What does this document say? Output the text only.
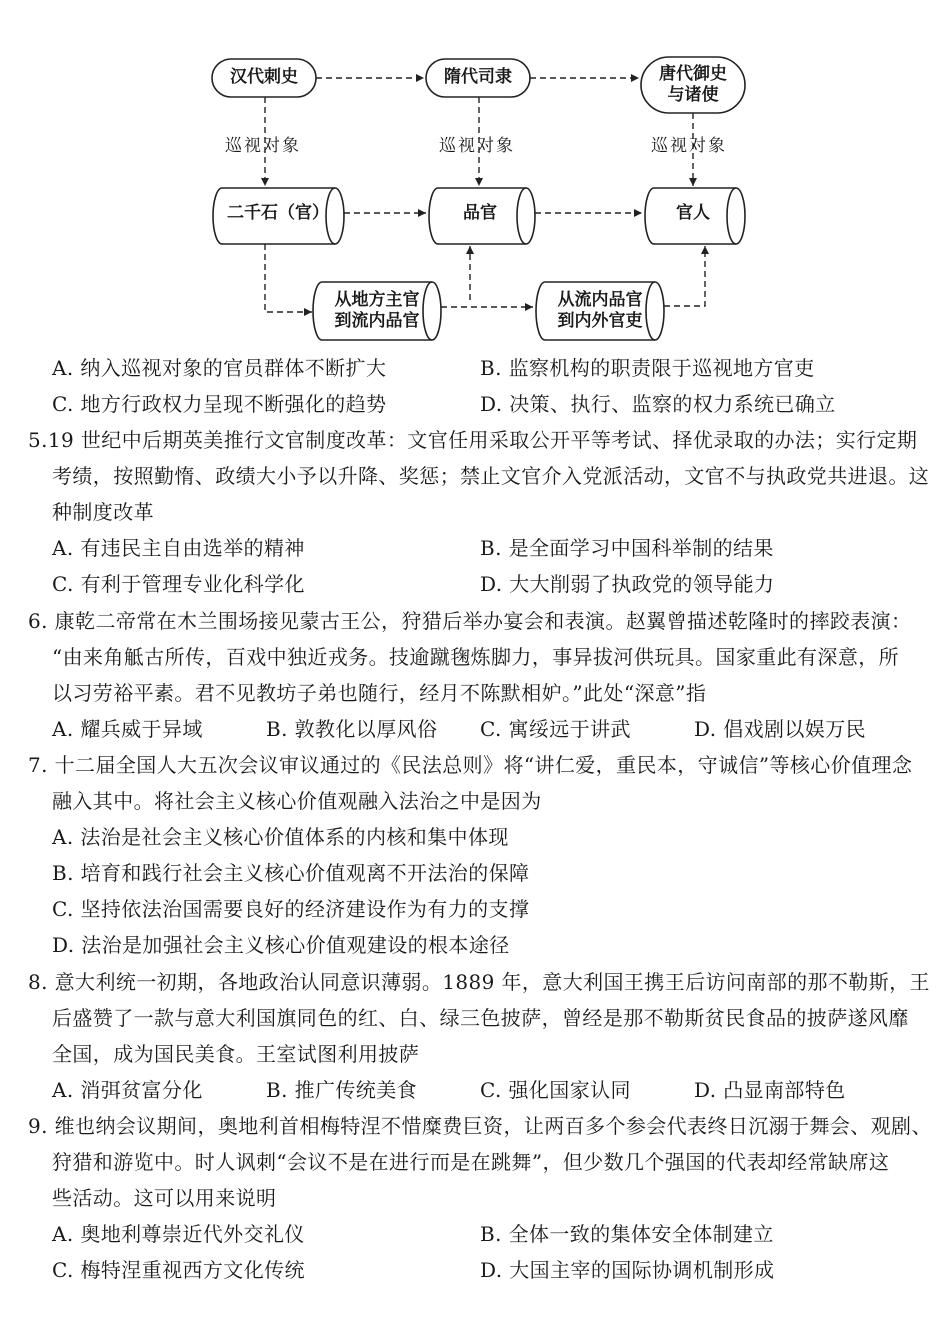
汉代刺史	隋代司隶	唐代御史
与诸使
巡视对象	巡视对象	巡视对象
二千石（官）	品官	官人
从地方主官
到流内品官
从流内品官
到内外官吏
A. 纳入巡视对象的官员群体不断扩大	B. 监察机构的职责限于巡视地方官吏
C. 地方行政权力呈现不断强化的趋势	D. 决策、执行、监察的权力系统已确立
5.19 世纪中后期英美推行文官制度改革：文官任用采取公开平等考试、择优录取的办法；实行定期
考绩，按照勤惰、政绩大小予以升降、奖惩；禁止文官介入党派活动，文官不与执政党共进退。这
种制度改革
A. 有违民主自由选举的精神	B. 是全面学习中国科举制的结果
C. 有利于管理专业化科学化	D. 大大削弱了执政党的领导能力
6. 康乾二帝常在木兰围场接见蒙古王公，狩猎后举办宴会和表演。赵翼曾描述乾隆时的摔跤表演：
“由来角觝古所传，百戏中独近戎务。技逾蹴毱炼脚力，事异拔河供玩具。国家重此有深意，所
以习劳裕平素。君不见教坊子弟也随行，经月不陈默相妒。”此处“深意”指
A. 耀兵威于异域	B. 敦教化以厚风俗 C. 寓绥远于讲武	D. 倡戏剧以娱万民
7. 十二届全国人大五次会议审议通过的《民法总则》将“讲仁爱，重民本，守诚信”等核心价值理念
融入其中。将社会主义核心价值观融入法治之中是因为
A. 法治是社会主义核心价值体系的内核和集中体现
B. 培育和践行社会主义核心价值观离不开法治的保障
C. 坚持依法治国需要良好的经济建设作为有力的支撑
D. 法治是加强社会主义核心价值观建设的根本途径
8. 意大利统一初期，各地政治认同意识薄弱。1889 年，意大利国王携王后访问南部的那不勒斯，王
后盛赞了一款与意大利国旗同色的红、白、绿三色披萨，曾经是那不勒斯贫民食品的披萨遂风靡
全国，成为国民美食。王室试图利用披萨
A. 消弭贫富分化	B. 推广传统美食	C. 强化国家认同	D. 凸显南部特色
9. 维也纳会议期间，奥地利首相梅特涅不惜糜费巨资，让两百多个参会代表终日沉溺于舞会、观剧、
狩猎和游览中。时人讽刺“会议不是在进行而是在跳舞”，但少数几个强国的代表却经常缺席这
些活动。这可以用来说明
A. 奥地利尊崇近代外交礼仪	B. 全体一致的集体安全体制建立
C. 梅特涅重视西方文化传统	D. 大国主宰的国际协调机制形成
